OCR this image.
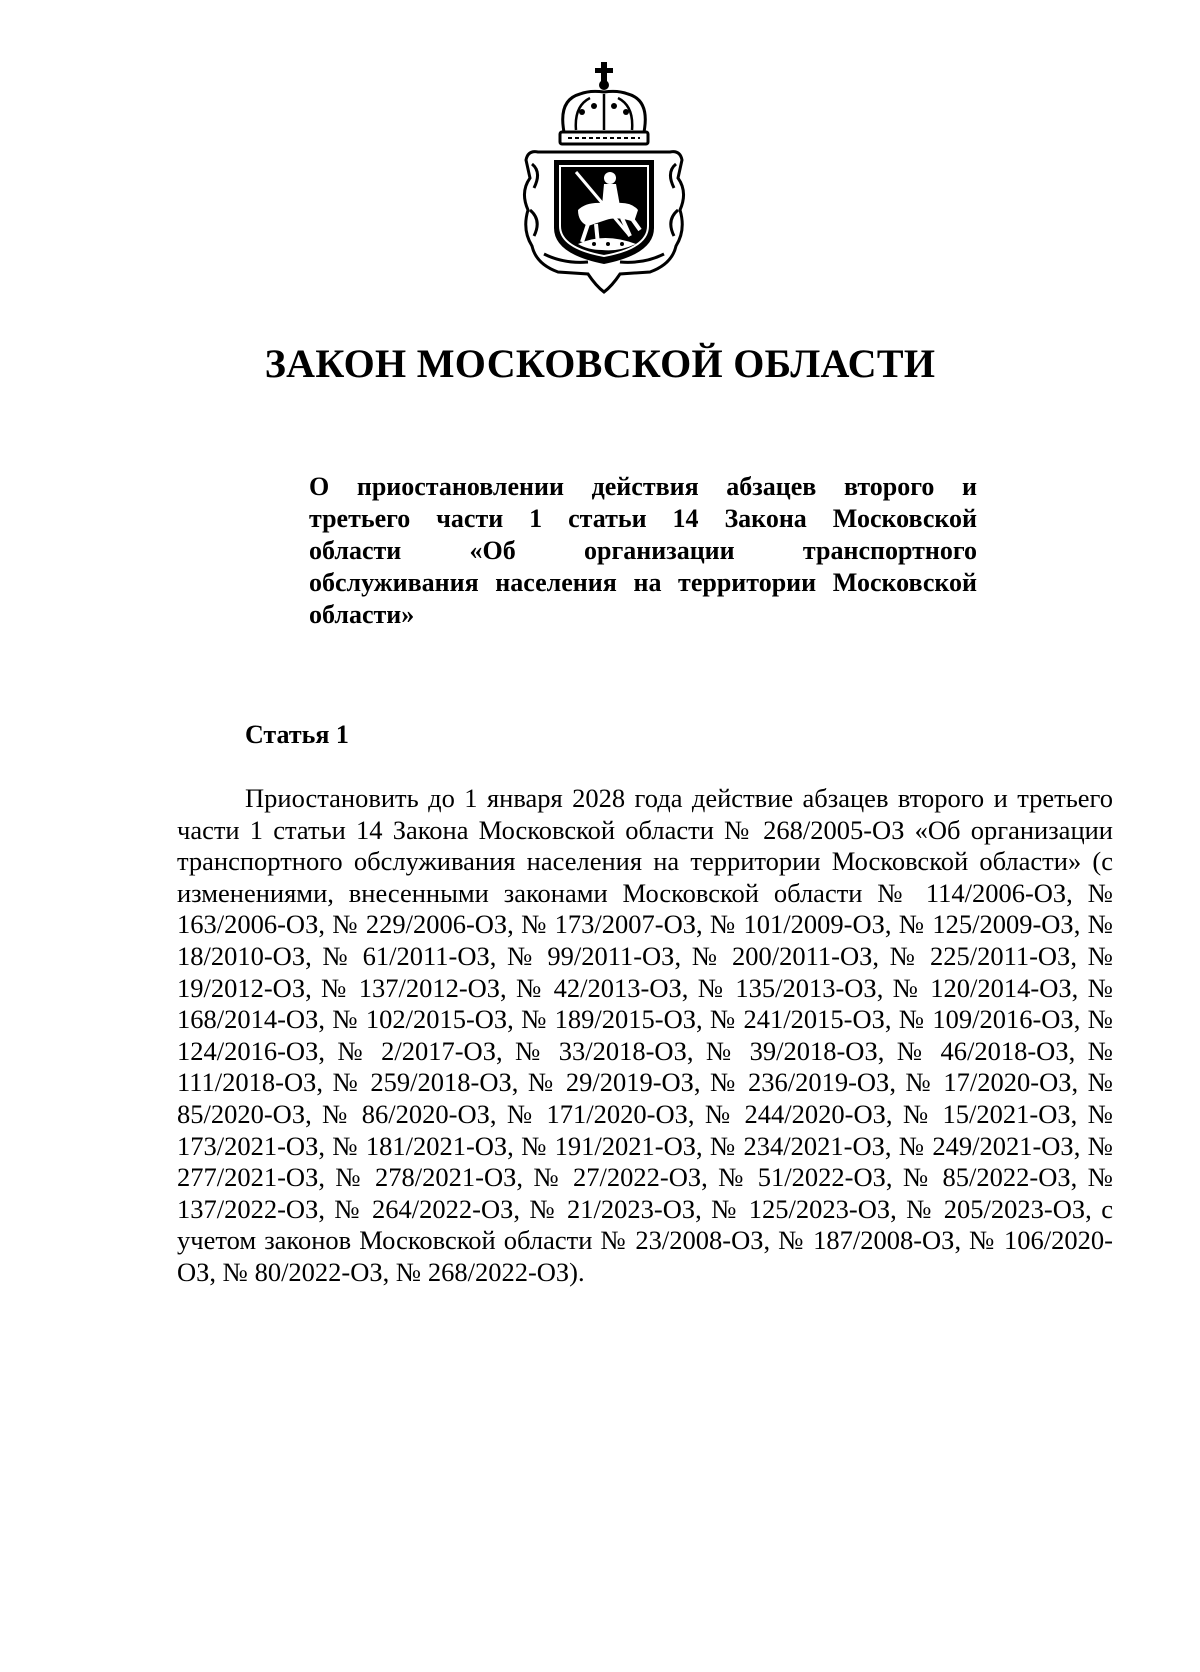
ЗАКОН МОСКОВСКОЙ ОБЛАСТИ

О приостановлении действия абзацев второго и третьего части 1 статьи 14 Закона Московской области «Об организации транспортного обслуживания населения на территории Московской области»

Статья 1

Приостановить до 1 января 2028 года действие абзацев второго и третьего части 1 статьи 14 Закона Московской области № 268/2005-ОЗ «Об организации транспортного обслуживания населения на территории Московской области» (с изменениями, внесенными законами Московской области № 114/2006-ОЗ, № 163/2006-ОЗ, № 229/2006-ОЗ, № 173/2007-ОЗ, № 101/2009-ОЗ, № 125/2009-ОЗ, № 18/2010-ОЗ, № 61/2011-ОЗ, № 99/2011-ОЗ, № 200/2011-ОЗ, № 225/2011-ОЗ, № 19/2012-ОЗ, № 137/2012-ОЗ, № 42/2013-ОЗ, № 135/2013-ОЗ, № 120/2014-ОЗ, № 168/2014-ОЗ, № 102/2015-ОЗ, № 189/2015-ОЗ, № 241/2015-ОЗ, № 109/2016-ОЗ, № 124/2016-ОЗ, № 2/2017-ОЗ, № 33/2018-ОЗ, № 39/2018-ОЗ, № 46/2018-ОЗ, № 111/2018-ОЗ, № 259/2018-ОЗ, № 29/2019-ОЗ, № 236/2019-ОЗ, № 17/2020-ОЗ, № 85/2020-ОЗ, № 86/2020-ОЗ, № 171/2020-ОЗ, № 244/2020-ОЗ, № 15/2021-ОЗ, № 173/2021-ОЗ, № 181/2021-ОЗ, № 191/2021-ОЗ, № 234/2021-ОЗ, № 249/2021-ОЗ, № 277/2021-ОЗ, № 278/2021-ОЗ, № 27/2022-ОЗ, № 51/2022-ОЗ, № 85/2022-ОЗ, № 137/2022-ОЗ, № 264/2022-ОЗ, № 21/2023-ОЗ, № 125/2023-ОЗ, № 205/2023-ОЗ, с учетом законов Московской области № 23/2008-ОЗ, № 187/2008-ОЗ, № 106/2020-ОЗ, № 80/2022-ОЗ, № 268/2022-ОЗ).
